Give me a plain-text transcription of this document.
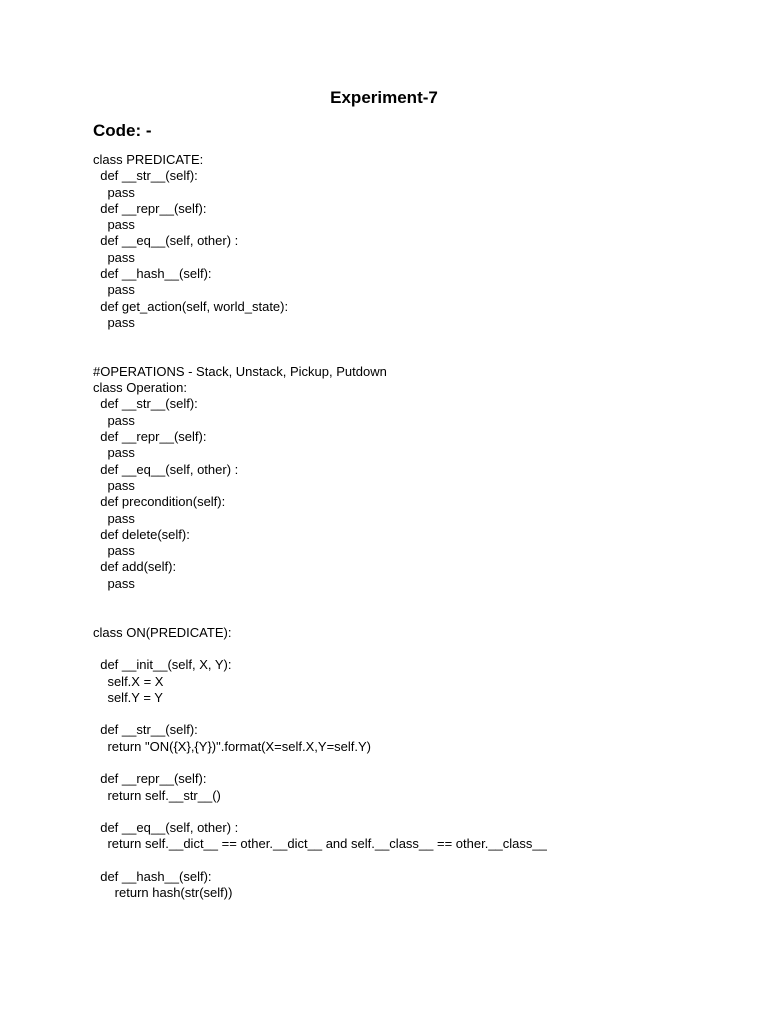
Experiment-7
Code: -
class PREDICATE:
def __str__(self):
pass
def __repr__(self):
pass
def __eq__(self, other) :
pass
def __hash__(self):
pass
def get_action(self, world_state):
pass
#OPERATIONS - Stack, Unstack, Pickup, Putdown
class Operation:
def __str__(self):
pass
def __repr__(self):
pass
def __eq__(self, other) :
pass
def precondition(self):
pass
def delete(self):
pass
def add(self):
pass
class ON(PREDICATE):
def __init__(self, X, Y):
self.X = X
self.Y = Y
def __str__(self):
return "ON({X},{Y})".format(X=self.X,Y=self.Y)
def __repr__(self):
return self.__str__()
def __eq__(self, other) :
return self.__dict__ == other.__dict__ and self.__class__ == other.__class__
def __hash__(self):
return hash(str(self))
